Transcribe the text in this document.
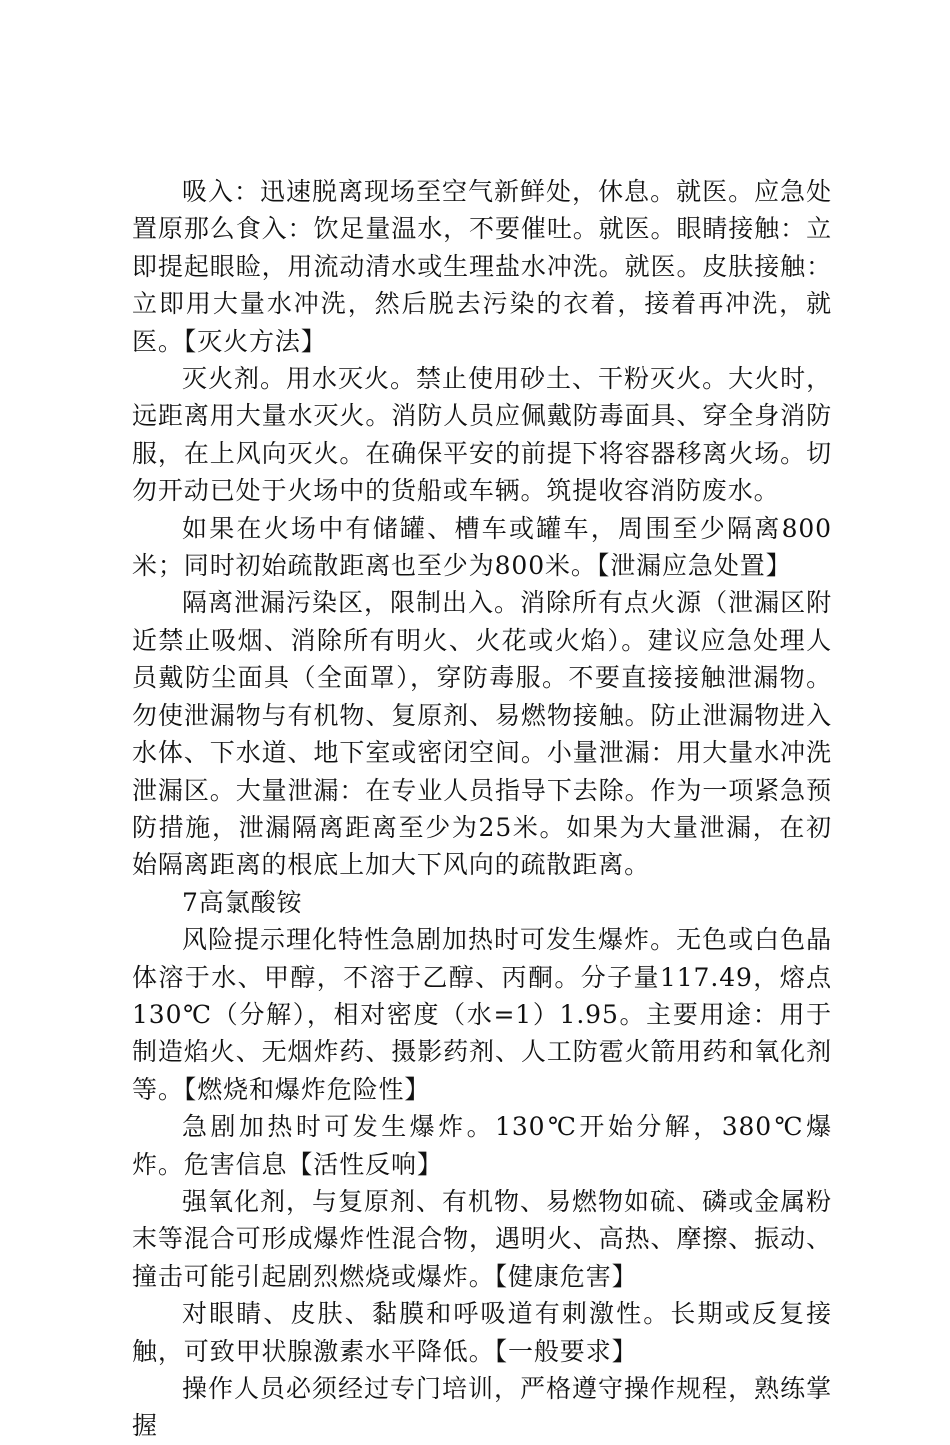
吸入：迅速脱离现场至空气新鲜处，休息。就医。应急处置原那么食入：饮足量温水，不要催吐。就医。眼睛接触：立即提起眼睑，用流动清水或生理盐水冲洗。就医。皮肤接触：立即用大量水冲洗，然后脱去污染的衣着，接着再冲洗，就医。【灭火方法】

灭火剂。用水灭火。禁止使用砂土、干粉灭火。大火时，远距离用大量水灭火。消防人员应佩戴防毒面具、穿全身消防服，在上风向灭火。在确保平安的前提下将容器移离火场。切勿开动已处于火场中的货船或车辆。筑提收容消防废水。

如果在火场中有储罐、槽车或罐车，周围至少隔离800米；同时初始疏散距离也至少为800米。【泄漏应急处置】

隔离泄漏污染区，限制出入。消除所有点火源（泄漏区附近禁止吸烟、消除所有明火、火花或火焰）。建议应急处理人员戴防尘面具（全面罩），穿防毒服。不要直接接触泄漏物。勿使泄漏物与有机物、复原剂、易燃物接触。防止泄漏物进入水体、下水道、地下室或密闭空间。小量泄漏：用大量水冲洗泄漏区。大量泄漏：在专业人员指导下去除。作为一项紧急预防措施，泄漏隔离距离至少为25米。如果为大量泄漏，在初始隔离距离的根底上加大下风向的疏散距离。

7高氯酸铵

风险提示理化特性急剧加热时可发生爆炸。无色或白色晶体溶于水、甲醇，不溶于乙醇、丙酮。分子量117.49，熔点130℃（分解），相对密度（水=1）1.95。主要用途：用于制造焰火、无烟炸药、摄影药剂、人工防雹火箭用药和氧化剂等。【燃烧和爆炸危险性】

急剧加热时可发生爆炸。130℃开始分解，380℃爆炸。危害信息【活性反响】

强氧化剂，与复原剂、有机物、易燃物如硫、磷或金属粉末等混合可形成爆炸性混合物，遇明火、高热、摩擦、振动、撞击可能引起剧烈燃烧或爆炸。【健康危害】

对眼睛、皮肤、黏膜和呼吸道有刺激性。长期或反复接触，可致甲状腺激素水平降低。【一般要求】

操作人员必须经过专门培训，严格遵守操作规程，熟练掌握
